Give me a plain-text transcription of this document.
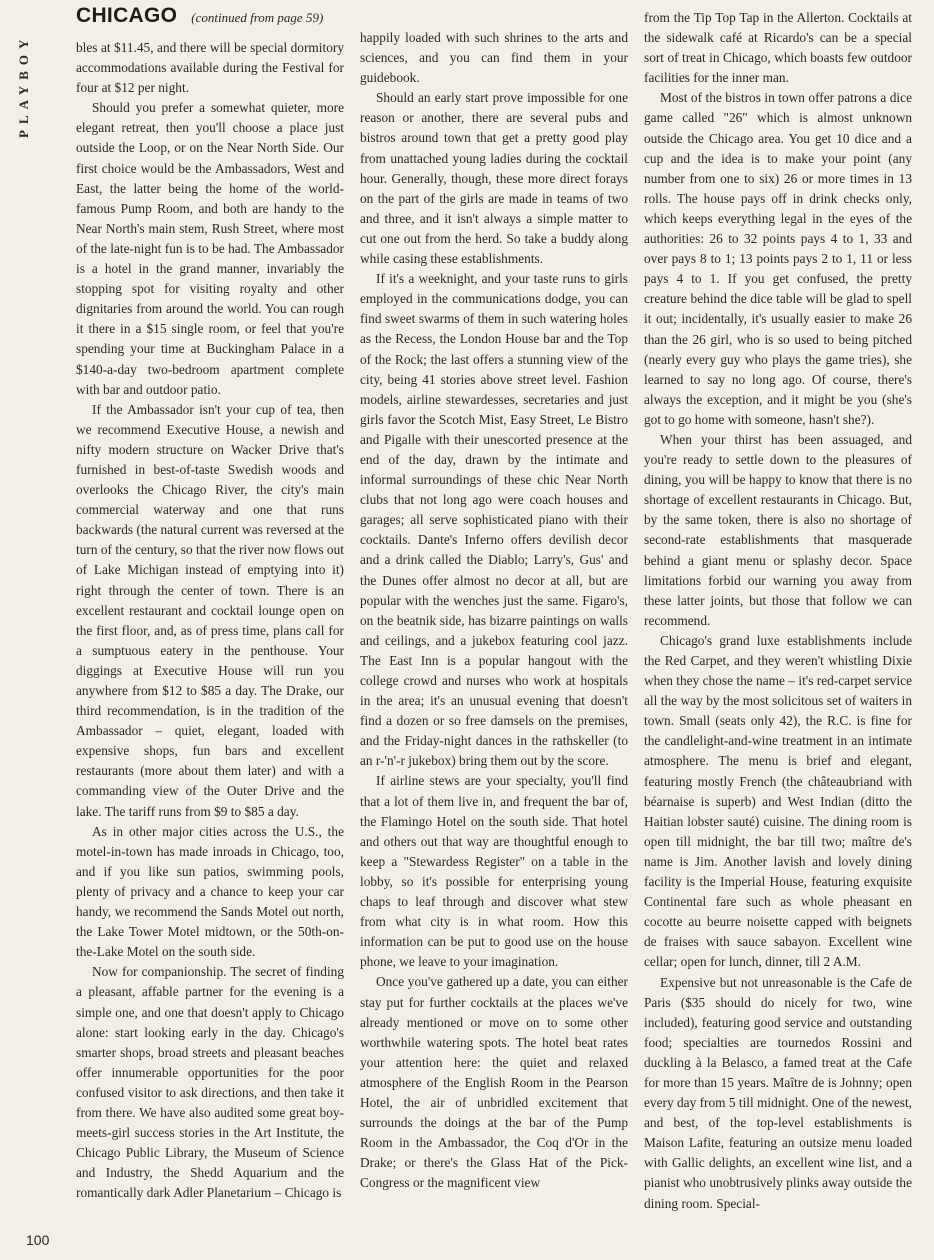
PLAYBOY
CHICAGO (continued from page 59)

bles at $11.45, and there will be special dormitory accommodations available during the Festival for four at $12 per night.

Should you prefer a somewhat quieter, more elegant retreat, then you'll choose a place just outside the Loop, or on the Near North Side. Our first choice would be the Ambassadors, West and East, the latter being the home of the world-famous Pump Room, and both are handy to the Near North's main stem, Rush Street, where most of the late-night fun is to be had. The Ambassador is a hotel in the grand manner, invariably the stopping spot for visiting royalty and other dignitaries from around the world. You can rough it there in a $15 single room, or feel that you're spending your time at Buckingham Palace in a $140-a-day two-bedroom apartment complete with bar and outdoor patio.

If the Ambassador isn't your cup of tea, then we recommend Executive House, a newish and nifty modern structure on Wacker Drive that's furnished in best-of-taste Swedish woods and overlooks the Chicago River, the city's main commercial waterway and one that runs backwards (the natural current was reversed at the turn of the century, so that the river now flows out of Lake Michigan instead of emptying into it) right through the center of town. There is an excellent restaurant and cocktail lounge open on the first floor, and, as of press time, plans call for a sumptuous eatery in the penthouse. Your diggings at Executive House will run you anywhere from $12 to $85 a day. The Drake, our third recommendation, is in the tradition of the Ambassador – quiet, elegant, loaded with expensive shops, fun bars and excellent restaurants (more about them later) and with a commanding view of the Outer Drive and the lake. The tariff runs from $9 to $85 a day.

As in other major cities across the U.S., the motel-in-town has made inroads in Chicago, too, and if you like sun patios, swimming pools, plenty of privacy and a chance to keep your car handy, we recommend the Sands Motel out north, the Lake Tower Motel midtown, or the 50th-on-the-Lake Motel on the south side.

Now for companionship. The secret of finding a pleasant, affable partner for the evening is a simple one, and one that doesn't apply to Chicago alone: start looking early in the day. Chicago's smarter shops, broad streets and pleasant beaches offer innumerable opportunities for the poor confused visitor to ask directions, and then take it from there. We have also audited some great boy-meets-girl success stories in the Art Institute, the Chicago Public Library, the Museum of Science and Industry, the Shedd Aquarium and the romantically dark Adler Planetarium – Chicago is

happily loaded with such shrines to the arts and sciences, and you can find them in your guidebook.

Should an early start prove impossible for one reason or another, there are several pubs and bistros around town that get a pretty good play from unattached young ladies during the cocktail hour. Generally, though, these more direct forays on the part of the girls are made in teams of two and three, and it isn't always a simple matter to cut one out from the herd. So take a buddy along while casing these establishments.

If it's a weeknight, and your taste runs to girls employed in the communications dodge, you can find sweet swarms of them in such watering holes as the Recess, the London House bar and the Top of the Rock; the last offers a stunning view of the city, being 41 stories above street level. Fashion models, airline stewardesses, secretaries and just girls favor the Scotch Mist, Easy Street, Le Bistro and Pigalle with their unescorted presence at the end of the day, drawn by the intimate and informal surroundings of these chic Near North clubs that not long ago were coach houses and garages; all serve sophisticated piano with their cocktails. Dante's Inferno offers devilish decor and a drink called the Diablo; Larry's, Gus' and the Dunes offer almost no decor at all, but are popular with the wenches just the same. Figaro's, on the beatnik side, has bizarre paintings on walls and ceilings, and a jukebox featuring cool jazz. The East Inn is a popular hangout with the college crowd and nurses who work at hospitals in the area; it's an unusual evening that doesn't find a dozen or so free damsels on the premises, and the Friday-night dances in the rathskeller (to an r-'n'-r jukebox) bring them out by the score.

If airline stews are your specialty, you'll find that a lot of them live in, and frequent the bar of, the Flamingo Hotel on the south side. That hotel and others out that way are thoughtful enough to keep a "Stewardess Register" on a table in the lobby, so it's possible for enterprising young chaps to leaf through and discover what stew from what city is in what room. How this information can be put to good use on the house phone, we leave to your imagination.

Once you've gathered up a date, you can either stay put for further cocktails at the places we've already mentioned or move on to some other worthwhile watering spots. The hotel beat rates your attention here: the quiet and relaxed atmosphere of the English Room in the Pearson Hotel, the air of unbridled excitement that surrounds the doings at the bar of the Pump Room in the Ambassador, the Coq d'Or in the Drake; or there's the Glass Hat of the Pick-Congress or the magnificent view

from the Tip Top Tap in the Allerton. Cocktails at the sidewalk café at Ricardo's can be a special sort of treat in Chicago, which boasts few outdoor facilities for the inner man.

Most of the bistros in town offer patrons a dice game called "26" which is almost unknown outside the Chicago area. You get 10 dice and a cup and the idea is to make your point (any number from one to six) 26 or more times in 13 rolls. The house pays off in drink checks only, which keeps everything legal in the eyes of the authorities: 26 to 32 points pays 4 to 1, 33 and over pays 8 to 1; 13 points pays 2 to 1, 11 or less pays 4 to 1. If you get confused, the pretty creature behind the dice table will be glad to spell it out; incidentally, it's usually easier to make 26 than the 26 girl, who is so used to being pitched (nearly every guy who plays the game tries), she learned to say no long ago. Of course, there's always the exception, and it might be you (she's got to go home with someone, hasn't she?).

When your thirst has been assuaged, and you're ready to settle down to the pleasures of dining, you will be happy to know that there is no shortage of excellent restaurants in Chicago. But, by the same token, there is also no shortage of second-rate establishments that masquerade behind a giant menu or splashy decor. Space limitations forbid our warning you away from these latter joints, but those that follow we can recommend.

Chicago's grand luxe establishments include the Red Carpet, and they weren't whistling Dixie when they chose the name – it's red-carpet service all the way by the most solicitous set of waiters in town. Small (seats only 42), the R.C. is fine for the candlelight-and-wine treatment in an intimate atmosphere. The menu is brief and elegant, featuring mostly French (the châteaubriand with béarnaise is superb) and West Indian (ditto the Haitian lobster sauté) cuisine. The dining room is open till midnight, the bar till two; maître de's name is Jim. Another lavish and lovely dining facility is the Imperial House, featuring exquisite Continental fare such as whole pheasant en cocotte au beurre noisette capped with beignets de fraises with sauce sabayon. Excellent wine cellar; open for lunch, dinner, till 2 A.M.

Expensive but not unreasonable is the Cafe de Paris ($35 should do nicely for two, wine included), featuring good service and outstanding food; specialties are tournedos Rossini and duckling à la Belasco, a famed treat at the Cafe for more than 15 years. Maître de is Johnny; open every day from 5 till midnight. One of the newest, and best, of the top-level establishments is Maison Lafite, featuring an outsize menu loaded with Gallic delights, an excellent wine list, and a pianist who unobtrusively plinks away outside the dining room. Special-

100
